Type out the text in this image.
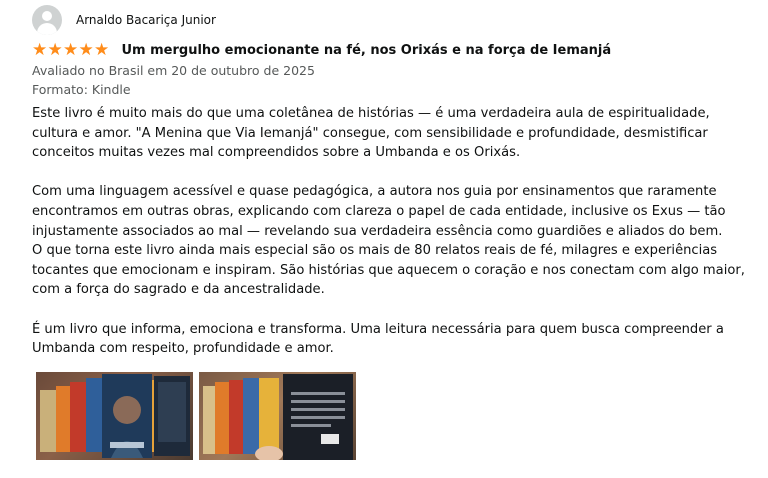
Arnaldo Bacariça Junior
★ ★ ★ ★ ★ Um mergulho emocionante na fé, nos Orixás e na força de Iemanjá
Avaliado no Brasil em 20 de outubro de 2025
Formato: Kindle

Este livro é muito mais do que uma coletânea de histórias — é uma verdadeira aula de espiritualidade, cultura e amor. "A Menina que Via Iemanjá" consegue, com sensibilidade e profundidade, desmistificar conceitos muitas vezes mal compreendidos sobre a Umbanda e os Orixás.

Com uma linguagem acessível e quase pedagógica, a autora nos guia por ensinamentos que raramente encontramos em outras obras, explicando com clareza o papel de cada entidade, inclusive os Exus — tão injustamente associados ao mal — revelando sua verdadeira essência como guardiões e aliados do bem.

O que torna este livro ainda mais especial são os mais de 80 relatos reais de fé, milagres e experiências tocantes que emocionam e inspiram. São histórias que aquecem o coração e nos conectam com algo maior, com a força do sagrado e da ancestralidade.

É um livro que informa, emociona e transforma. Uma leitura necessária para quem busca compreender a Umbanda com respeito, profundidade e amor.
